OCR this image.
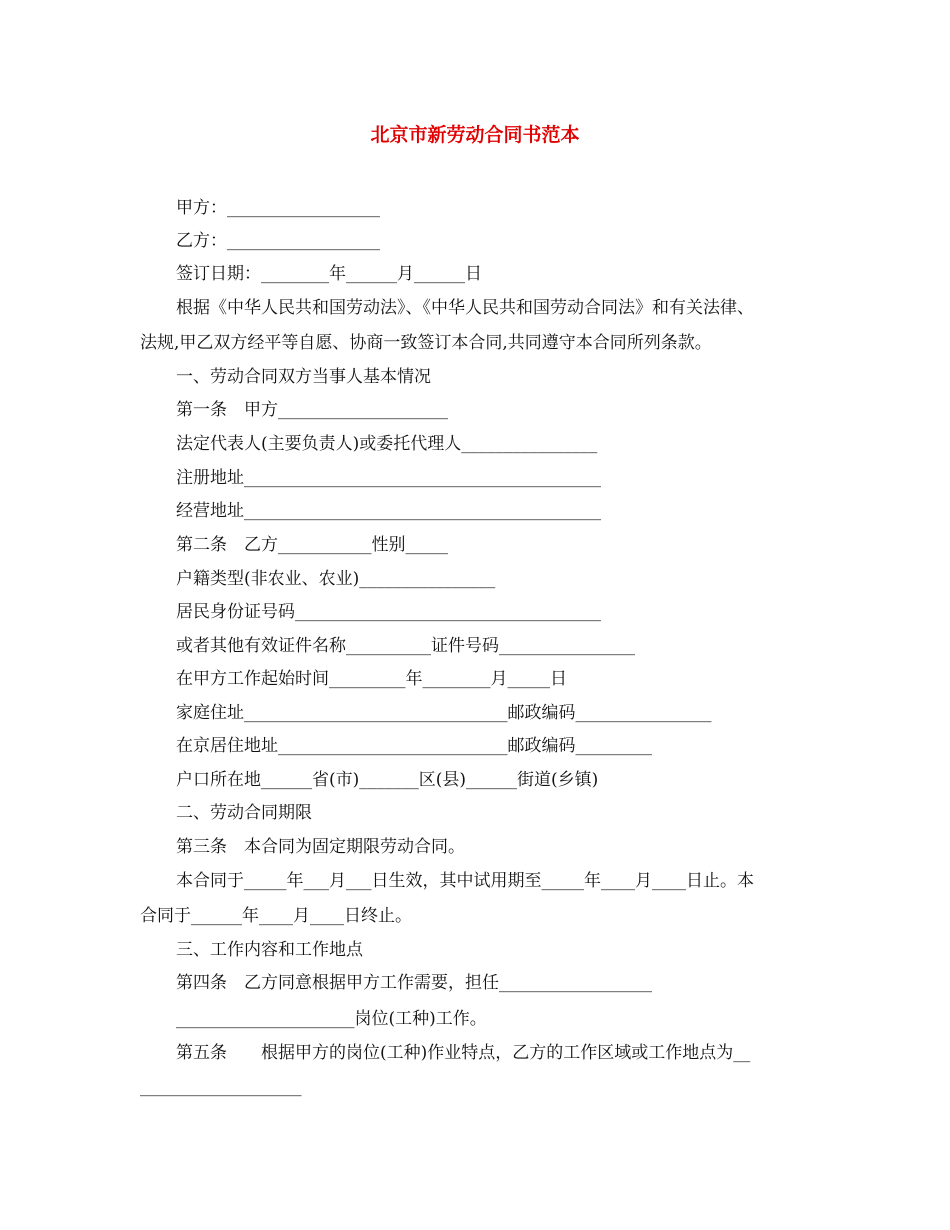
北京市新劳动合同书范本
甲方：__________________
乙方：__________________
签订日期：________年______月______日
根据《中华人民共和国劳动法》、《中华人民共和国劳动合同法》和有关法律、
法规,甲乙双方经平等自愿、协商一致签订本合同,共同遵守本合同所列条款。
一、劳动合同双方当事人基本情况
第一条　甲方____________________
法定代表人(主要负责人)或委托代理人________________
注册地址__________________________________________
经营地址__________________________________________
第二条　乙方___________性别_____
户籍类型(非农业、农业)________________
居民身份证号码____________________________________
或者其他有效证件名称__________证件号码________________
在甲方工作起始时间_________年________月_____日
家庭住址_______________________________邮政编码________________
在京居住地址___________________________邮政编码_________
户口所在地______省(市)_______区(县)______街道(乡镇)
二、劳动合同期限
第三条　本合同为固定期限劳动合同。
本合同于_____年___月___日生效，其中试用期至_____年____月____日止。本
合同于______年____月____日终止。
三、工作内容和工作地点
第四条　乙方同意根据甲方工作需要，担任__________________
_____________________岗位(工种)工作。
第五条　　根据甲方的岗位(工种)作业特点，乙方的工作区域或工作地点为__
___________________
